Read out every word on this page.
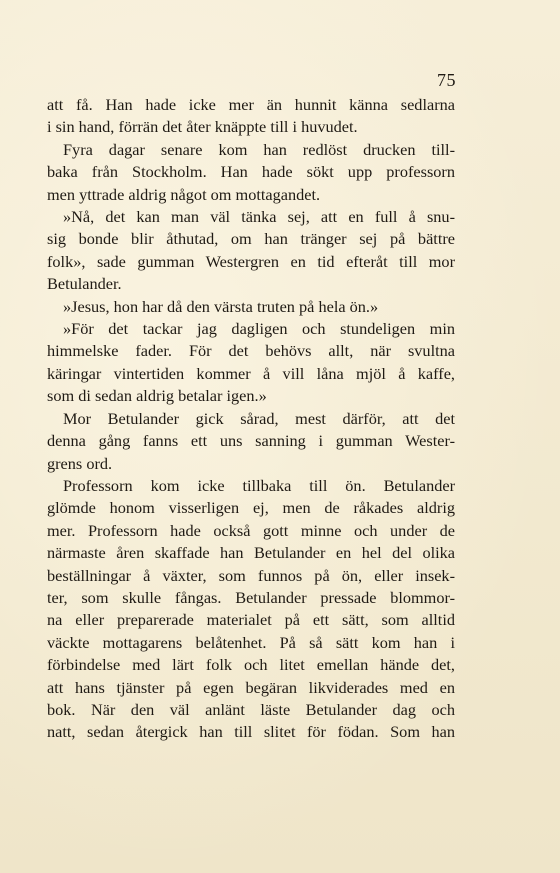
75
att få. Han hade icke mer än hunnit känna sedlarna
i sin hand, förrän det åter knäppte till i huvudet.
Fyra dagar senare kom han redlöst drucken till-
baka från Stockholm. Han hade sökt upp professorn
men yttrade aldrig något om mottagandet.
»Nå, det kan man väl tänka sej, att en full å snu-
sig bonde blir åthutad, om han tränger sej på bättre
folk», sade gumman Westergren en tid efteråt till mor
Betulander.
»Jesus, hon har då den värsta truten på hela ön.»
»För det tackar jag dagligen och stundeligen min
himmelske fader. För det behövs allt, när svultna
käringar vintertiden kommer å vill låna mjöl å kaffe,
som di sedan aldrig betalar igen.»
Mor Betulander gick sårad, mest därför, att det
denna gång fanns ett uns sanning i gumman Wester-
grens ord.
Professorn kom icke tillbaka till ön. Betulander
glömde honom visserligen ej, men de råkades aldrig
mer. Professorn hade också gott minne och under de
närmaste åren skaffade han Betulander en hel del olika
beställningar å växter, som funnos på ön, eller insek-
ter, som skulle fångas. Betulander pressade blommor-
na eller preparerade materialet på ett sätt, som alltid
väckte mottagarens belåtenhet. På så sätt kom han i
förbindelse med lärt folk och litet emellan hände det,
att hans tjänster på egen begäran likviderades med en
bok. När den väl anlänt läste Betulander dag och
natt, sedan återgick han till slitet för födan. Som han
